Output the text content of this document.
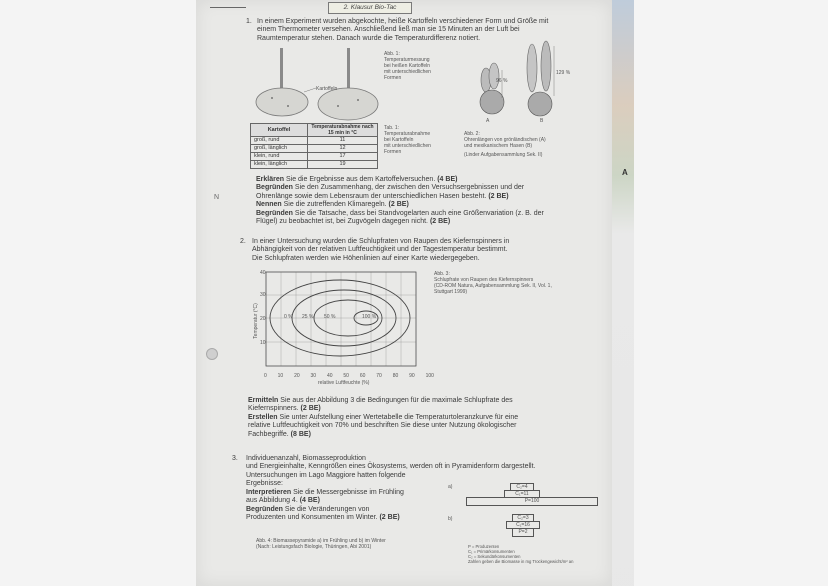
A
2. Klausur Bio-Tac
1. In einem Experiment wurden abgekochte, heiße Kartoffeln verschiedener Form und Größe mit
einem Thermometer versehen. Anschließend ließ man sie 15 Minuten an der Luft bei
Raumtemperatur stehen. Danach wurde die Temperaturdifferenz notiert.
Kartoffeln
Abb. 1:
Temperaturmessung
bei heißen Kartoffeln
mit unterschiedlichen
Formen	96 %
129 %
A	B
Kartoffel	Temperaturabnahme nach 15 min in °C
groß, rund	11
groß, länglich	12
klein, rund	17
klein, länglich	19
Tab. 1:
Temperaturabnahme
bei Kartoffeln
mit unterschiedlichen
Formen
Abb. 2:
Ohrenlängen von grönländischen (A)
und mexikanischem Hasen (B)
(Linder Aufgabensammlung Sek. II)
N
Erklären Sie die Ergebnisse aus dem Kartoffelversuchen. (4 BE)
Begründen Sie den Zusammenhang, der zwischen den Versuchsergebnissen und der
Ohrenlänge sowie dem Lebensraum der unterschiedlichen Hasen besteht. (2 BE)
Nennen Sie die zutreffenden Klimaregeln. (2 BE)
Begründen Sie die Tatsache, dass bei Standvogelarten auch eine Größenvariation (z. B. der
Flügel) zu beobachtet ist, bei Zugvögeln dagegen nicht. (2 BE)
2. In einer Untersuchung wurden die Schlupfraten von Raupen des Kiefernspinners in
Abhängigkeit von der relativen Luftfeuchtigkeit und der Tagestemperatur bestimmt.
Die Schlupfraten werden wie Höhenlinien auf einer Karte wiedergegeben.
40
30
20
10
Temperatur (°C)	0 % 25 % 50 %	100 %
0 10 20 30 40 50 60 70 80 90 100
relative Luftfeuchte (%)
Abb. 3:
Schlupfrate von Raupen des Kiefernspinners
(CD-ROM Natura, Aufgabensammlung Sek. II, Vol. 1,
Stuttgart 1999)
Ermitteln Sie aus der Abbildung 3 die Bedingungen für die maximale Schlupfrate des
Kiefernspinners. (2 BE)
Erstellen Sie unter Aufstellung einer Wertetabelle die Temperaturtoleranzkurve für eine
relative Luftfeuchtigkeit von 70% und beschriften Sie diese unter Nutzung ökologischer
Fachbegriffe. (8 BE)
3. Individuenanzahl, Biomasseproduktion
und Energieinhalte, Kenngrößen eines Ökosystems, werden oft in Pyramidenform dargestellt.
Untersuchungen im Lago Maggiore hatten folgende
Ergebnisse:
Interpretieren Sie die Messergebnisse im Frühling
aus Abbildung 4. (4 BE)
Begründen Sie die Veränderungen von
Produzenten und Konsumenten im Winter. (2 BE)
Abb. 4: Biomassepyramide a) im Frühling und b) im Winter
(Nach: Leistungsfach Biologie, Thüringen, Abi 2001)
a)	C₂=4
C₁=11
P=100
b)	C₂=3
C₁=16
P=2
P = Produzenten
C₁ = Primärkonsumenten
C₂ = Sekundärkonsumenten
Zahlen geben die Biomasse in mg Trockengewicht/m² an
